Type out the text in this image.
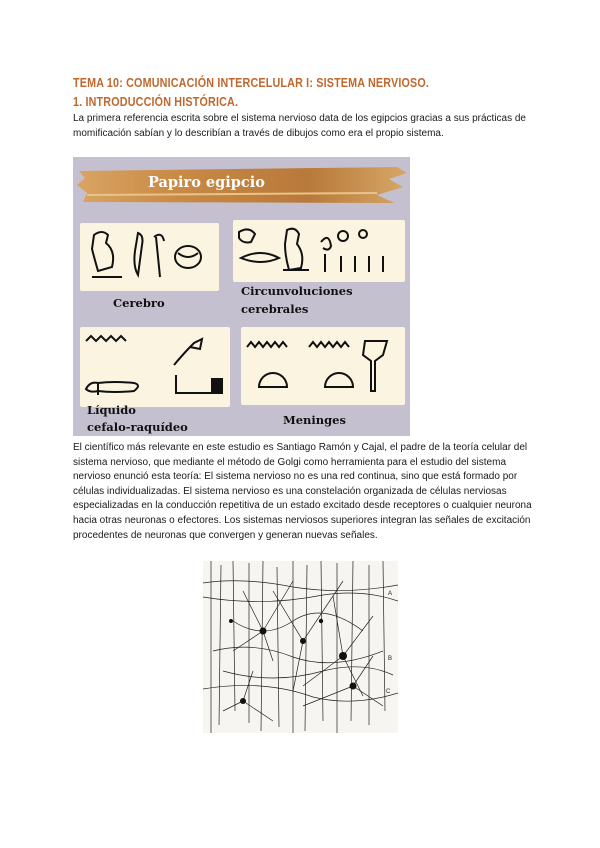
TEMA 10: COMUNICACIÓN INTERCELULAR I: SISTEMA NERVIOSO.
1. INTRODUCCIÓN HISTÓRICA.
La primera referencia escrita sobre el sistema nervioso data de los egipcios gracias a sus prácticas de momificación sabían y lo describían a través de dibujos como era el propio sistema.
Papiro egipcio
Cerebro
Circunvoluciones
cerebrales
Líquido
cefalo-raquídeo	Meninges
El científico más relevante en este estudio es Santiago Ramón y Cajal, el padre de la teoría celular del sistema nervioso, que mediante el método de Golgi como herramienta para el estudio del sistema nervioso enunció esta teoría: El sistema nervioso no es una red continua, sino que está formado por células individualizadas. El sistema nervioso es una constelación organizada de células nerviosas especializadas en la conducción repetitiva de un estado excitado desde receptores o cualquier neurona hacia otras neuronas o efectores. Los sistemas nerviosos superiores integran las señales de excitación procedentes de neuronas que convergen y generan nuevas señales.
A
B
C
